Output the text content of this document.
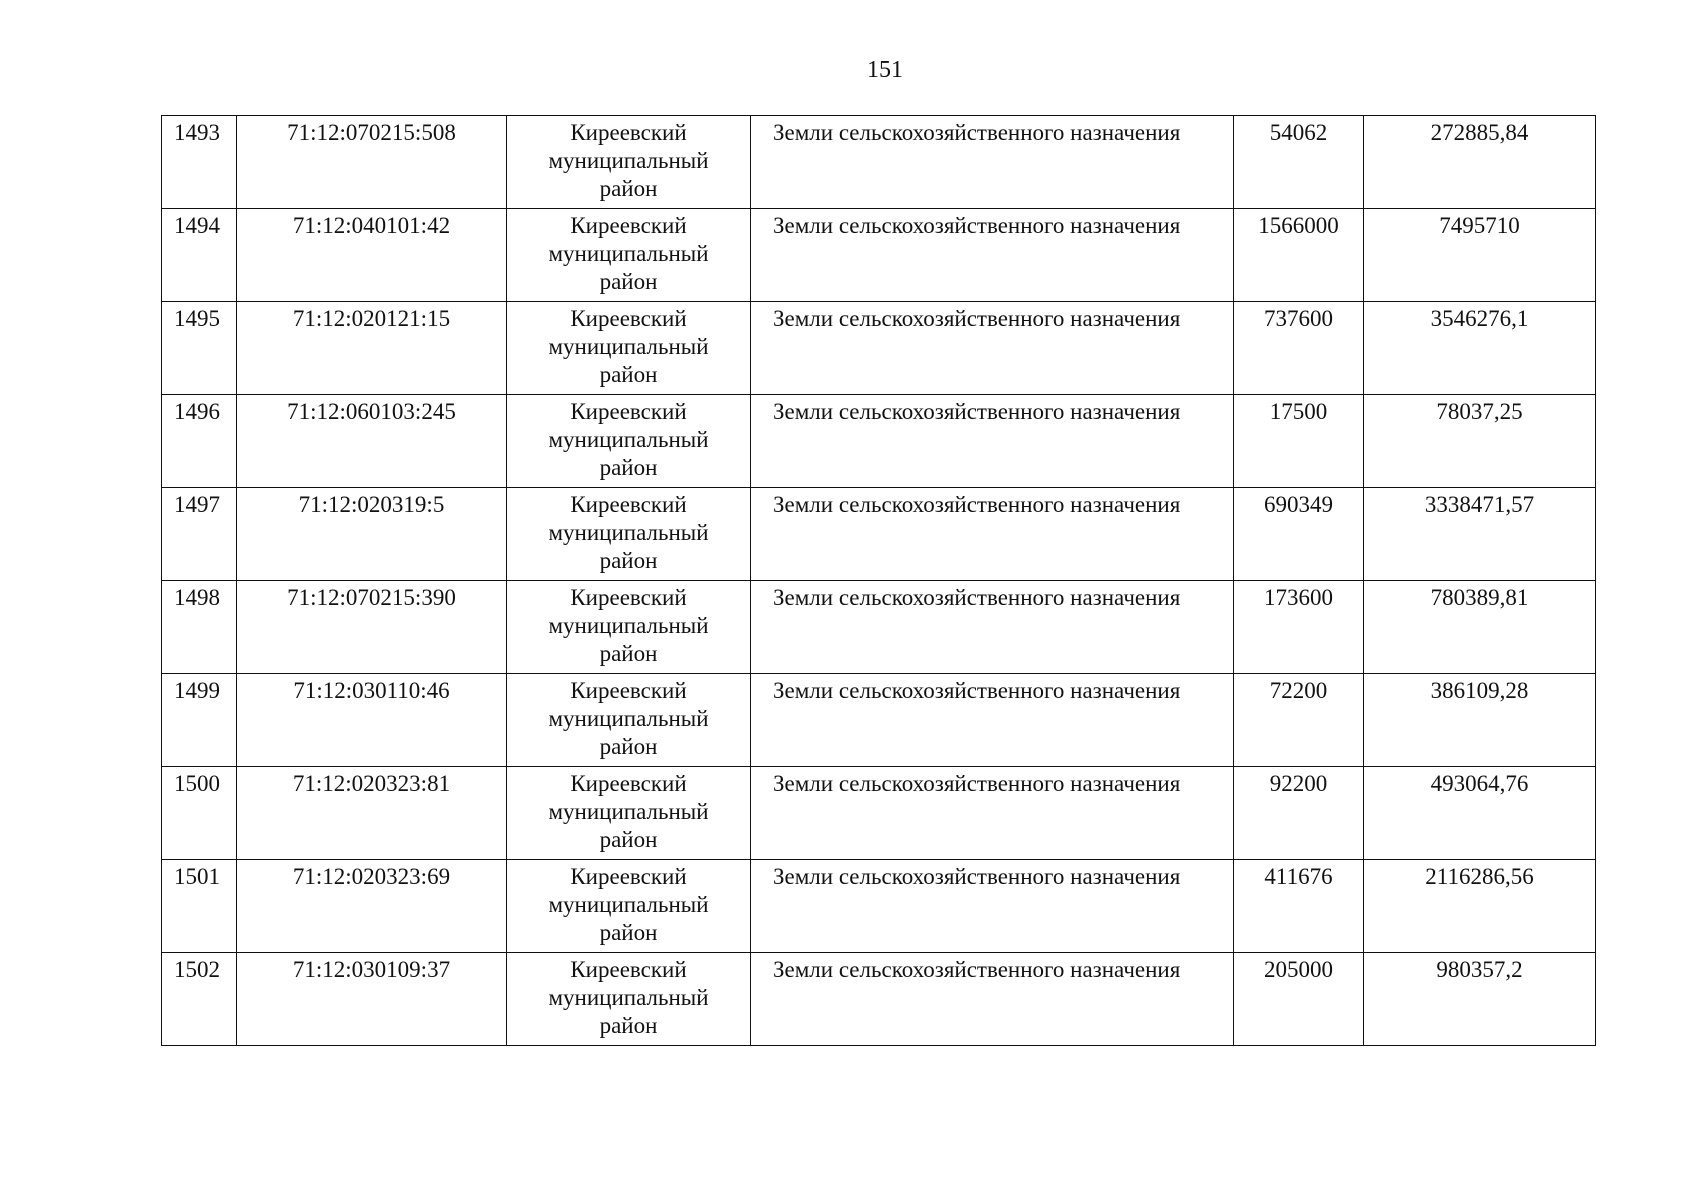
151
1493	71:12:070215:508	Киреевский
муниципальный
район	Земли сельскохозяйственного назначения	54062	272885,84
1494	71:12:040101:42	Киреевский
муниципальный
район	Земли сельскохозяйственного назначения	1566000	7495710
1495	71:12:020121:15	Киреевский
муниципальный
район	Земли сельскохозяйственного назначения	737600	3546276,1
1496	71:12:060103:245	Киреевский
муниципальный
район	Земли сельскохозяйственного назначения	17500	78037,25
1497	71:12:020319:5	Киреевский
муниципальный
район	Земли сельскохозяйственного назначения	690349	3338471,57
1498	71:12:070215:390	Киреевский
муниципальный
район	Земли сельскохозяйственного назначения	173600	780389,81
1499	71:12:030110:46	Киреевский
муниципальный
район	Земли сельскохозяйственного назначения	72200	386109,28
1500	71:12:020323:81	Киреевский
муниципальный
район	Земли сельскохозяйственного назначения	92200	493064,76
1501	71:12:020323:69	Киреевский
муниципальный
район	Земли сельскохозяйственного назначения	411676	2116286,56
1502	71:12:030109:37	Киреевский
муниципальный
район	Земли сельскохозяйственного назначения	205000	980357,2
